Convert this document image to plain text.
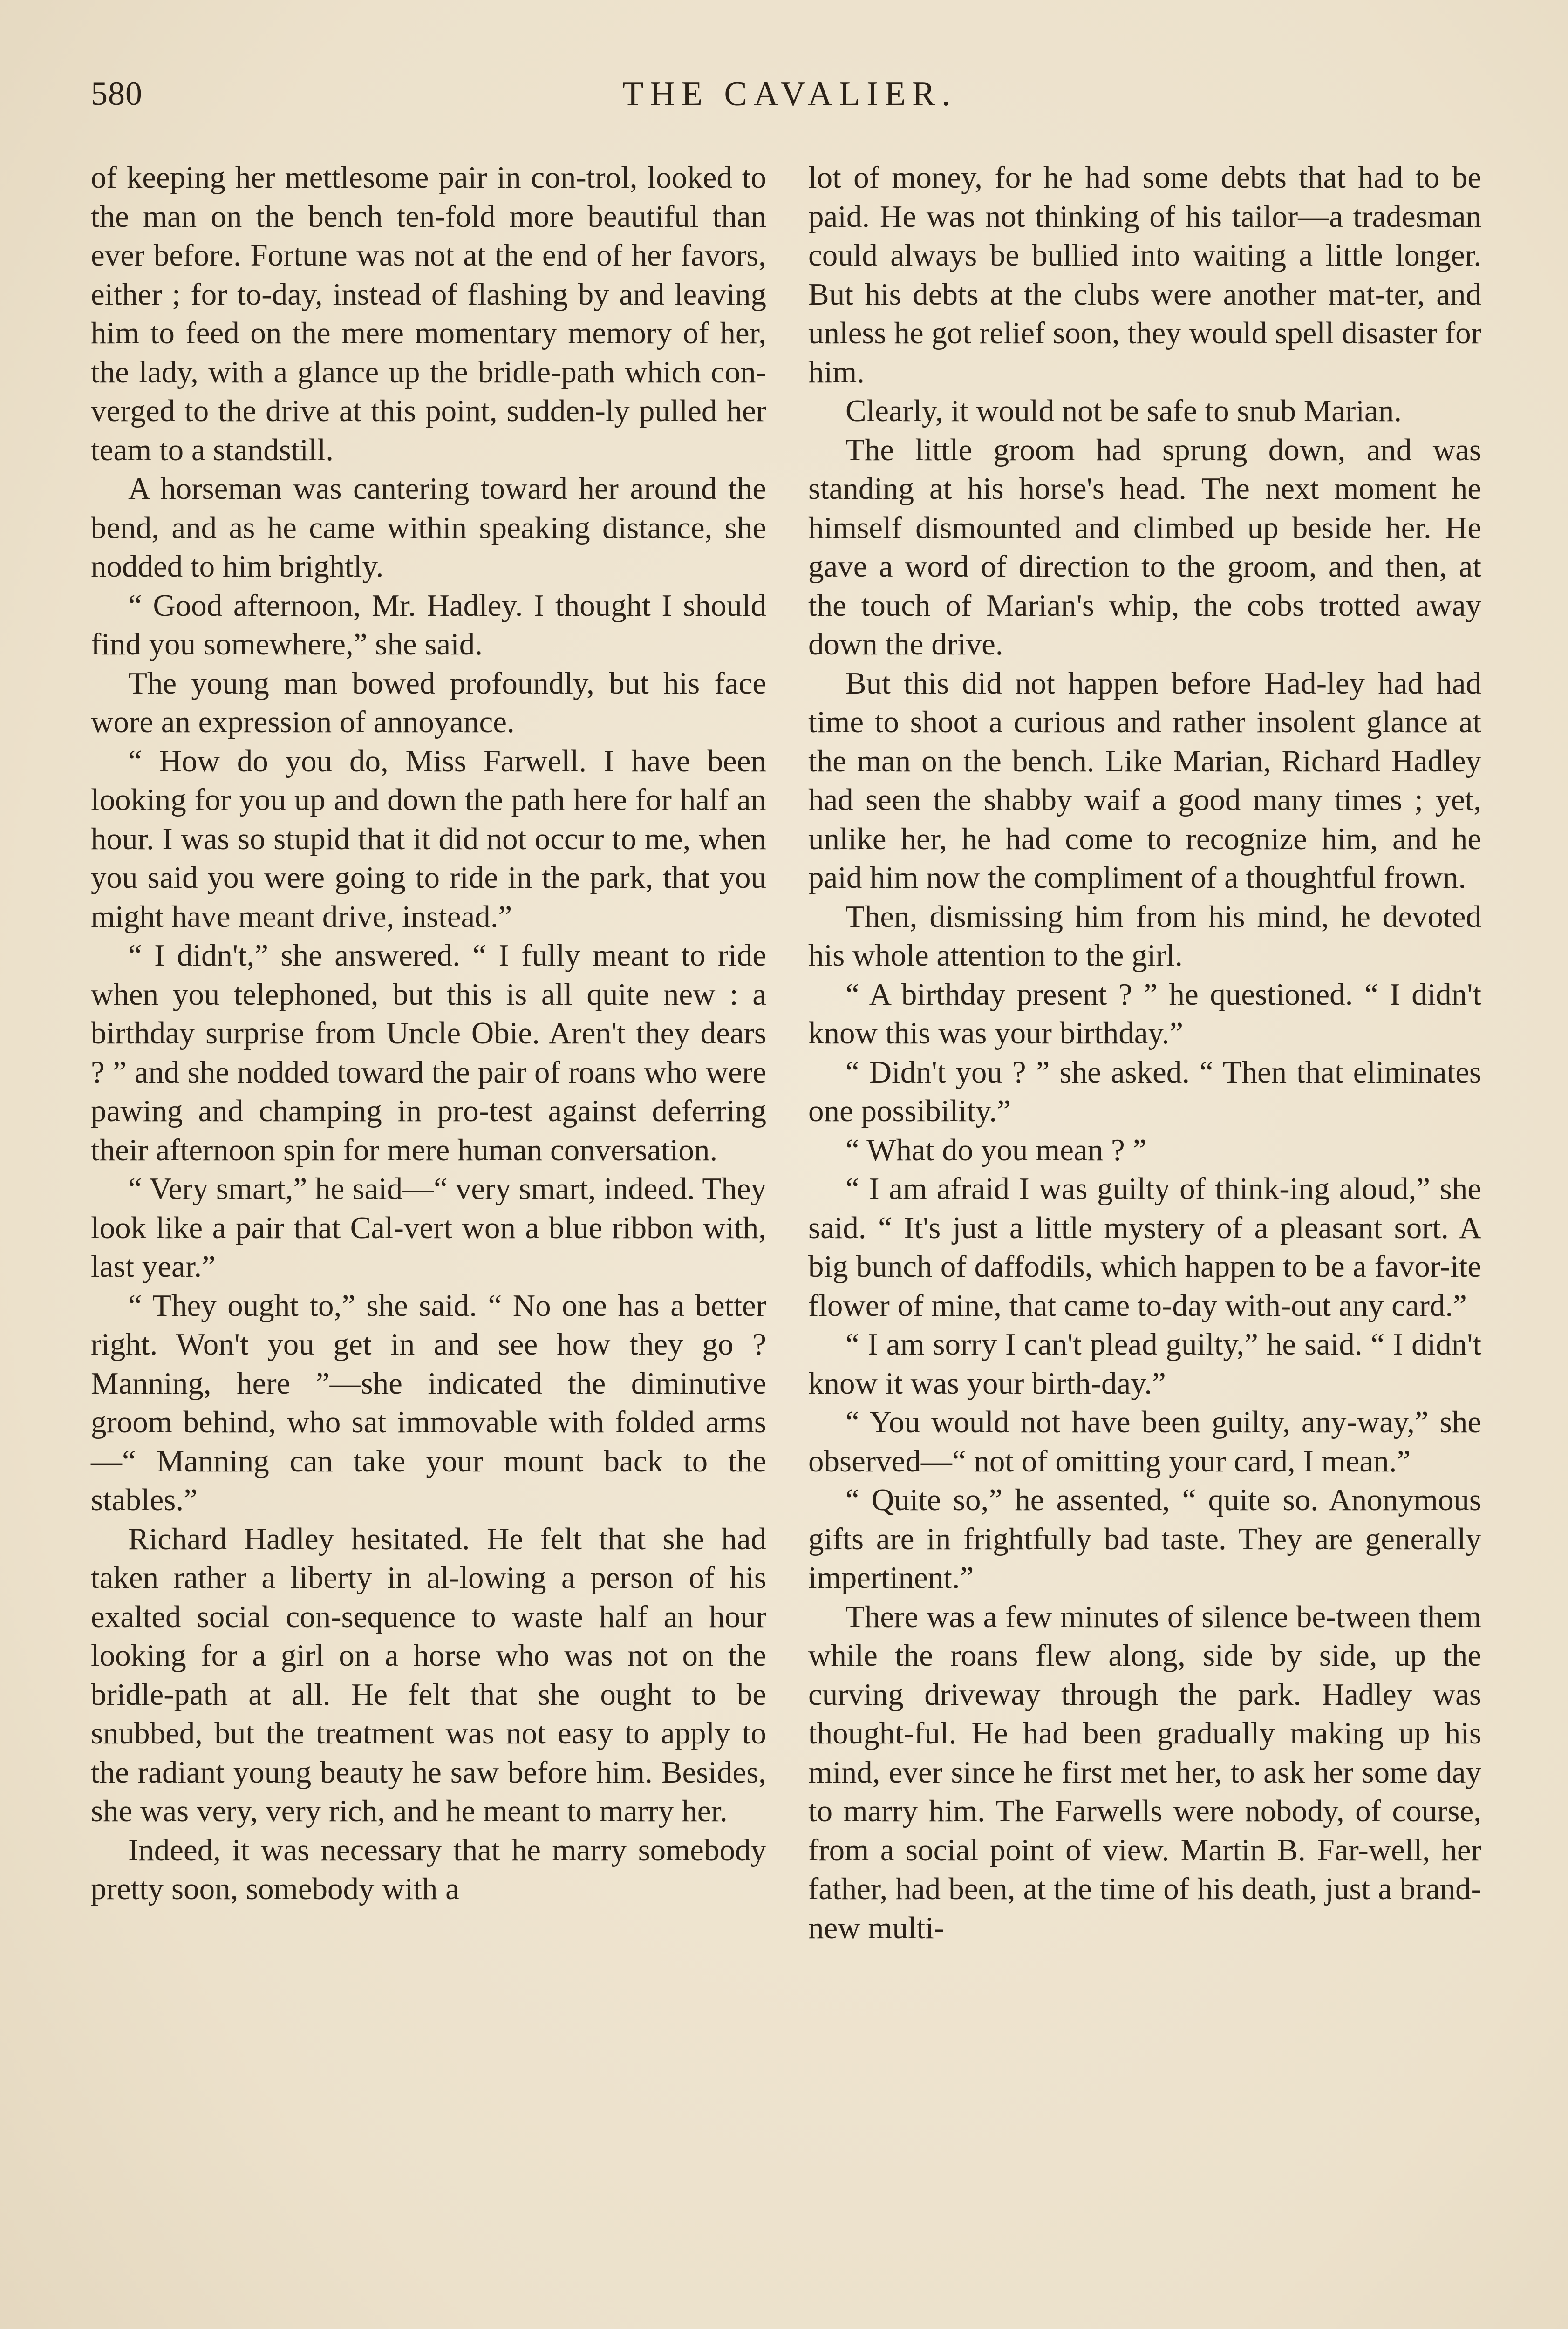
580	THE CAVALIER.

of keeping her mettlesome pair in con-trol, looked to the man on the bench ten-fold more beautiful than ever before. Fortune was not at the end of her favors, either ; for to-day, instead of flashing by and leaving him to feed on the mere momentary memory of her, the lady, with a glance up the bridle-path which con-verged to the drive at this point, sudden-ly pulled her team to a standstill.

A horseman was cantering toward her around the bend, and as he came within speaking distance, she nodded to him brightly.

“ Good afternoon, Mr. Hadley. I thought I should find you somewhere,” she said.

The young man bowed profoundly, but his face wore an expression of annoyance.

“ How do you do, Miss Farwell. I have been looking for you up and down the path here for half an hour. I was so stupid that it did not occur to me, when you said you were going to ride in the park, that you might have meant drive, instead.”

“ I didn't,” she answered. “ I fully meant to ride when you telephoned, but this is all quite new : a birthday surprise from Uncle Obie. Aren't they dears ? ” and she nodded toward the pair of roans who were pawing and champing in pro-test against deferring their afternoon spin for mere human conversation.

“ Very smart,” he said—“ very smart, indeed. They look like a pair that Cal-vert won a blue ribbon with, last year.”

“ They ought to,” she said. “ No one has a better right. Won't you get in and see how they go ? Manning, here ”—she indicated the diminutive groom behind, who sat immovable with folded arms—“ Manning can take your mount back to the stables.”

Richard Hadley hesitated. He felt that she had taken rather a liberty in al-lowing a person of his exalted social con-sequence to waste half an hour looking for a girl on a horse who was not on the bridle-path at all. He felt that she ought to be snubbed, but the treatment was not easy to apply to the radiant young beauty he saw before him. Besides, she was very, very rich, and he meant to marry her.

Indeed, it was necessary that he marry somebody pretty soon, somebody with a

lot of money, for he had some debts that had to be paid. He was not thinking of his tailor—a tradesman could always be bullied into waiting a little longer. But his debts at the clubs were another mat-ter, and unless he got relief soon, they would spell disaster for him.

Clearly, it would not be safe to snub Marian.

The little groom had sprung down, and was standing at his horse's head. The next moment he himself dismounted and climbed up beside her. He gave a word of direction to the groom, and then, at the touch of Marian's whip, the cobs trotted away down the drive.

But this did not happen before Had-ley had had time to shoot a curious and rather insolent glance at the man on the bench. Like Marian, Richard Hadley had seen the shabby waif a good many times ; yet, unlike her, he had come to recognize him, and he paid him now the compliment of a thoughtful frown.

Then, dismissing him from his mind, he devoted his whole attention to the girl.

“ A birthday present ? ” he questioned. “ I didn't know this was your birthday.”

“ Didn't you ? ” she asked. “ Then that eliminates one possibility.”

“ What do you mean ? ”

“ I am afraid I was guilty of think-ing aloud,” she said. “ It's just a little mystery of a pleasant sort. A big bunch of daffodils, which happen to be a favor-ite flower of mine, that came to-day with-out any card.”

“ I am sorry I can't plead guilty,” he said. “ I didn't know it was your birth-day.”

“ You would not have been guilty, any-way,” she observed—“ not of omitting your card, I mean.”

“ Quite so,” he assented, “ quite so. Anonymous gifts are in frightfully bad taste. They are generally impertinent.”

There was a few minutes of silence be-tween them while the roans flew along, side by side, up the curving driveway through the park. Hadley was thought-ful. He had been gradually making up his mind, ever since he first met her, to ask her some day to marry him. The Farwells were nobody, of course, from a social point of view. Martin B. Far-well, her father, had been, at the time of his death, just a brand-new multi-
